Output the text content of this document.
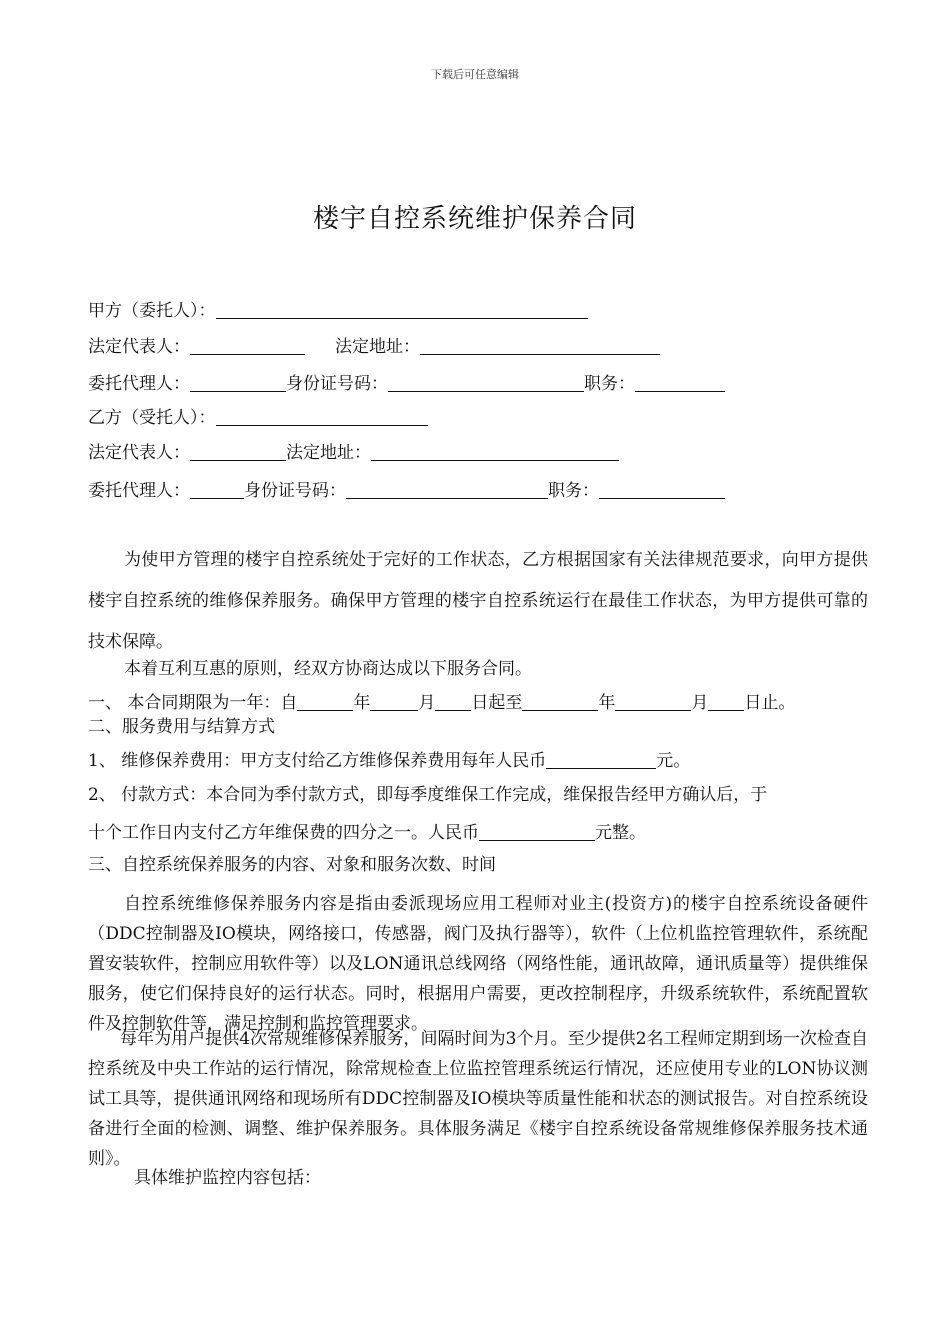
下载后可任意编辑
楼宇自控系统维护保养合同
甲方（委托人）：
法定代表人：	法定地址：
委托代理人：	身份证号码：	职务：
乙方（受托人）：
法定代表人：	法定地址：
委托代理人：	身份证号码：	职务：
为使甲方管理的楼宇自控系统处于完好的工作状态，乙方根据国家有关法律规范要求，向甲方提供楼宇自控系统的维修保养服务。确保甲方管理的楼宇自控系统运行在最佳工作状态，为甲方提供可靠的技术保障。
本着互利互惠的原则，经双方协商达成以下服务合同。
一、 本合同期限为一年：自	年	月 日起至	年	月 日止。
二、服务费用与结算方式
1、 维修保养费用：甲方支付给乙方维修保养费用每年人民币	元。
2、 付款方式：本合同为季付款方式，即每季度维保工作完成，维保报告经甲方确认后，于
十个工作日内支付乙方年维保费的四分之一。人民币	元整。
三、自控系统保养服务的内容、对象和服务次数、时间
自控系统维修保养服务内容是指由委派现场应用工程师对业主(投资方)的楼宇自控系统设备硬件（DDC控制器及IO模块，网络接口，传感器，阀门及执行器等），软件（上位机监控管理软件，系统配置安装软件，控制应用软件等）以及LON通讯总线网络（网络性能，通讯故障，通讯质量等）提供维保服务，使它们保持良好的运行状态。同时，根据用户需要，更改控制程序，升级系统软件，系统配置软件及控制软件等，满足控制和监控管理要求。
每年为用户提供4次常规维修保养服务，间隔时间为3个月。至少提供2名工程师定期到场一次检查自控系统及中央工作站的运行情况，除常规检查上位监控管理系统运行情况，还应使用专业的LON协议测试工具等，提供通讯网络和现场所有DDC控制器及IO模块等质量性能和状态的测试报告。对自控系统设备进行全面的检测、调整、维护保养服务。具体服务满足《楼宇自控系统设备常规维修保养服务技术通则》。
具体维护监控内容包括：
